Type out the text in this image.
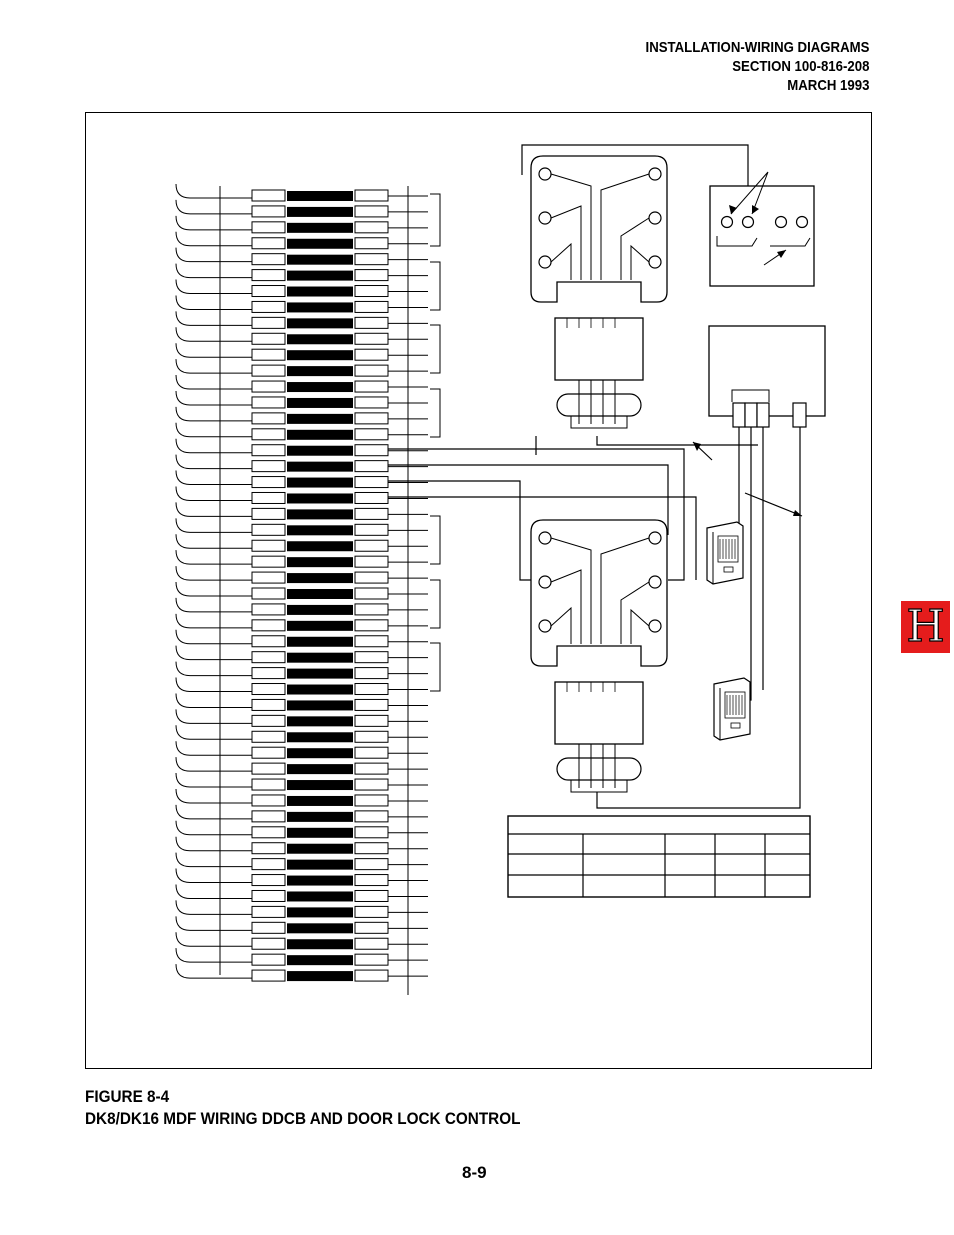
INSTALLATION-WIRING DIAGRAMS
SECTION 100-816-208
MARCH 1993
FIGURE 8-4
DK8/DK16 MDF WIRING DDCB AND DOOR LOCK CONTROL
8-9
H
